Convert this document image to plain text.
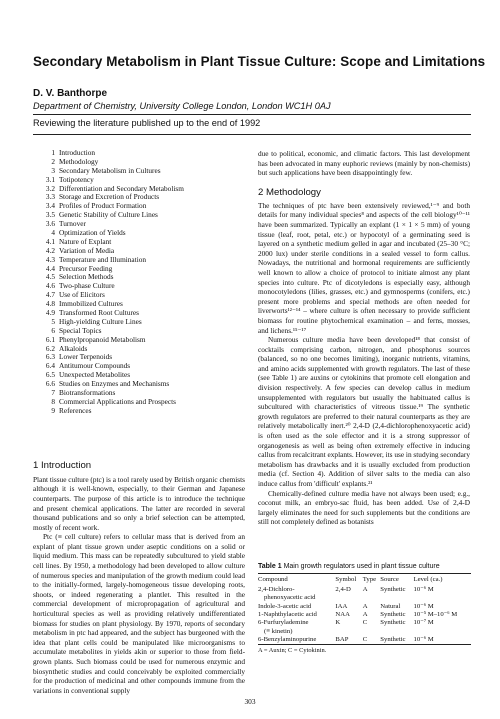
Secondary Metabolism in Plant Tissue Culture: Scope and Limitations
D. V. Banthorpe
Department of Chemistry, University College London, London WC1H 0AJ
Reviewing the literature published up to the end of 1992
1 Introduction
2 Methodology
3 Secondary Metabolism in Cultures
3.1 Totipotency
3.2 Differentiation and Secondary Metabolism
3.3 Storage and Excretion of Products
3.4 Profiles of Product Formation
3.5 Genetic Stability of Culture Lines
3.6 Turnover
4 Optimization of Yields
4.1 Nature of Explant
4.2 Variation of Media
4.3 Temperature and Illumination
4.4 Precursor Feeding
4.5 Selection Methods
4.6 Two-phase Culture
4.7 Use of Elicitors
4.8 Immobilized Cultures
4.9 Transformed Root Cultures
5 High-yielding Culture Lines
6 Special Topics
6.1 Phenylpropanoid Metabolism
6.2 Alkaloids
6.3 Lower Terpenoids
6.4 Antitumour Compounds
6.5 Unexpected Metabolites
6.6 Studies on Enzymes and Mechanisms
7 Biotransformations
8 Commercial Applications and Prospects
9 References
1 Introduction

Plant tissue culture (ptc) is a tool rarely used by British organic chemists although it is well-known, especially, to their German and Japanese counterparts. The purpose of this article is to introduce the technique and present chemical applications. The latter are recorded in several thousand publications and so only a brief selection can be attempted, mostly of recent work.

Ptc (≡ cell culture) refers to cellular mass that is derived from an explant of plant tissue grown under aseptic conditions on a solid or liquid medium. This mass can be repeatedly subcultured to yield stable cell lines. By 1950, a methodology had been developed to allow culture of numerous species and manipulation of the growth medium could lead to the initially-formed, largely-homogeneous tissue developing roots, shoots, or indeed regenerating a plantlet. This resulted in the commercial development of micropropagation of agricultural and horticultural species as well as providing relatively undifferentiated biomass for studies on plant physiology. By 1970, reports of secondary metabolism in ptc had appeared, and the subject has burgeoned with the idea that plant cells could be manipulated like microorganisms to accumulate metabolites in yields akin or superior to those from field-grown plants. Such biomass could be used for numerous enzymic and biosynthetic studies and could conceivably be exploited commercially for the production of medicinal and other compounds immune from the variations in conventional supply

due to political, economic, and climatic factors. This last development has been advocated in many euphoric reviews (mainly by non-chemists) but such applications have been disappointingly few.

2 Methodology

The techniques of ptc have been extensively reviewed,¹⁻⁹ and both details for many individual species⁸ and aspects of the cell biology¹⁰⁻¹¹ have been summarized. Typically an explant (1 × 1 × 5 mm) of young tissue (leaf, root, petal, etc.) or hypocotyl of a germinating seed is layered on a synthetic medium gelled in agar and incubated (25–30 °C; 2000 lux) under sterile conditions in a sealed vessel to form callus. Nowadays, the nutritional and hormonal requirements are sufficiently well known to allow a choice of protocol to initiate almost any plant species into culture. Ptc of dicotyledons is especially easy, although monocotyledons (lilies, grasses, etc.) and gymnosperms (conifers, etc.) present more problems and special methods are often needed for liverworts¹²⁻¹⁴ – where culture is often necessary to provide sufficient biomass for routine phytochemical examination – and ferns, mosses, and lichens.¹⁵⁻¹⁷

Numerous culture media have been developed¹⁸ that consist of cocktails comprising carbon, nitrogen, and phosphorus sources (balanced, so no one becomes limiting), inorganic nutrients, vitamins, and amino acids supplemented with growth regulators. The last of these (see Table 1) are auxins or cytokinins that promote cell elongation and division respectively. A few species can develop callus in medium unsupplemented with regulators but usually the habituated callus is subcultured with characteristics of vitreous tissue.¹⁹ The synthetic growth regulators are preferred to their natural counterparts as they are relatively metabolically inert.²⁰ 2,4-D (2,4-dichlorophenoxyacetic acid) is often used as the sole effector and it is a strong suppressor of organogenesis as well as being often extremely effective in inducing callus from recalcitrant explants. However, its use in studying secondary metabolism has drawbacks and it is usually excluded from production media (cf. Section 4). Addition of silver salts to the media can also induce callus from 'difficult' explants.²¹

Chemically-defined culture media have not always been used; e.g., coconut milk, an embryo-sac fluid, has been added. Use of 2,4-D largely eliminates the need for such supplements but the conditions are still not completely defined as botanists

Table 1 Main growth regulators used in plant tissue culture
Compound	Symbol	Type	Source	Level (ca.)
2,4-Dichloro-	2,4-D	A	Synthetic	10⁻⁶ M
phenoxyacetic acid				
Indole-3-acetic acid	IAA	A	Natural	10⁻⁶ M
1-Naphthylacetic acid	NAA	A	Synthetic	10⁻⁵ M–10⁻⁶ M
6-Furfurylademine	K	C	Synthetic	10⁻⁷ M
(≡ kinetin)				
6-Benzylaminopurine	BAP	C	Synthetic	10⁻⁶ M
A = Auxin; C = Cytokinin.
303
